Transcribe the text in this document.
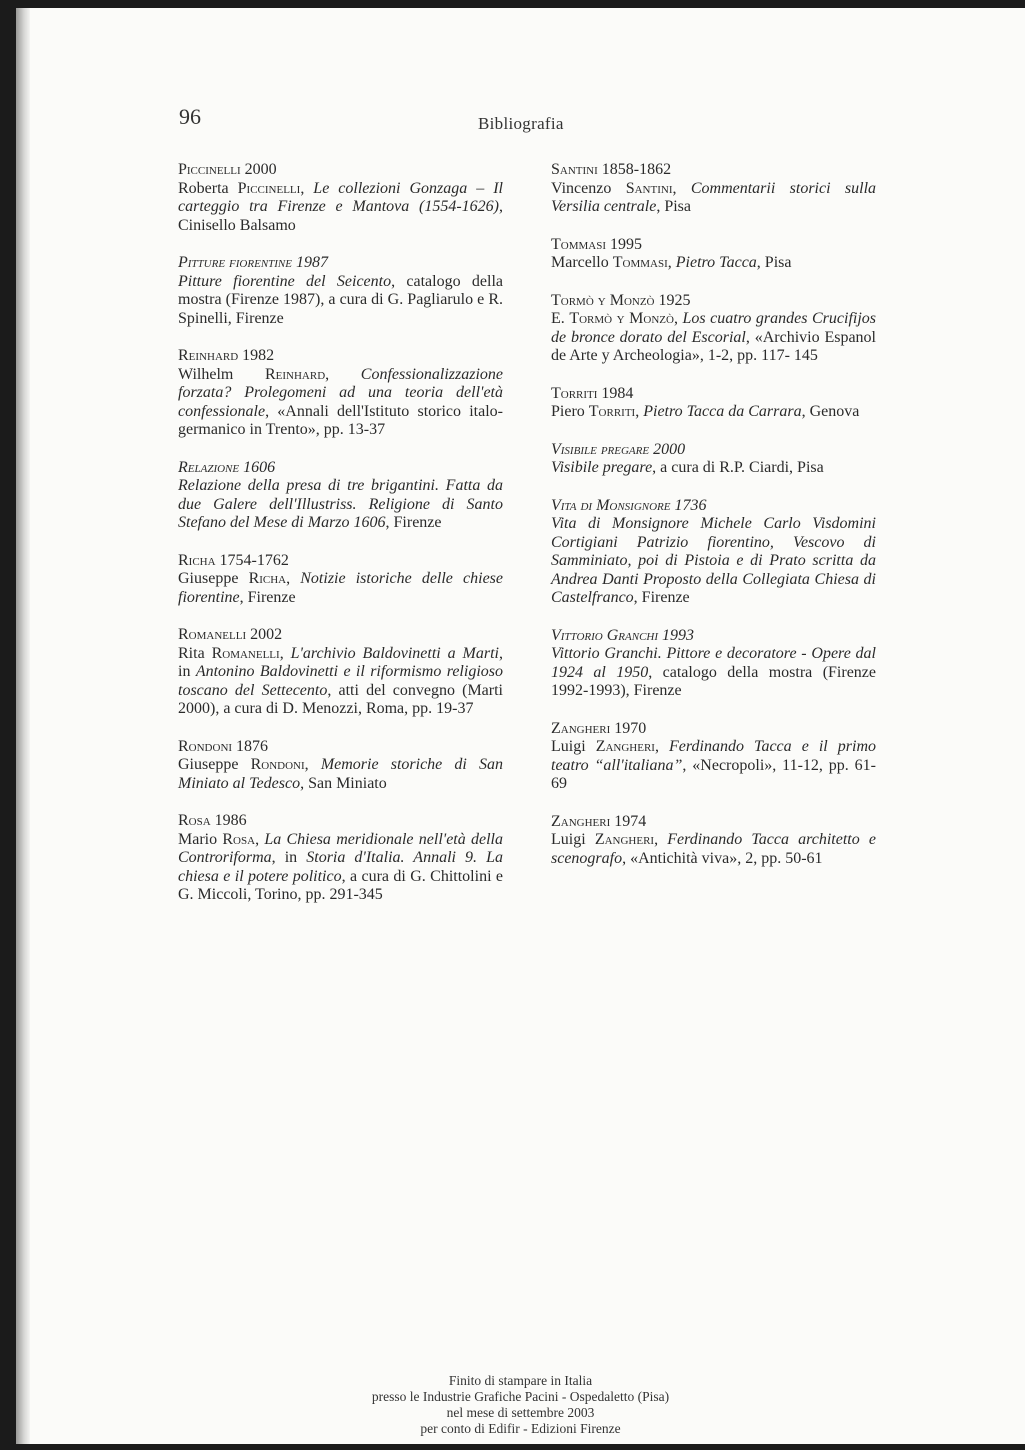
96	Bibliografia
Piccinelli 2000
Roberta Piccinelli, Le collezioni Gonzaga – Il carteggio tra Firenze e Mantova (1554-1626), Cinisello Balsamo
Pitture fiorentine 1987
Pitture fiorentine del Seicento, catalogo della mostra (Firenze 1987), a cura di G. Pagliarulo e R. Spinelli, Firenze
Reinhard 1982
Wilhelm Reinhard, Confessionalizzazione forzata? Prolegomeni ad una teoria dell'età confessionale, «Annali dell'Istituto storico italo-germanico in Trento», pp. 13-37
Relazione 1606
Relazione della presa di tre brigantini. Fatta da due Galere dell'Illustriss. Religione di Santo Stefano del Mese di Marzo 1606, Firenze
Richa 1754-1762
Giuseppe Richa, Notizie istoriche delle chiese fiorentine, Firenze
Romanelli 2002
Rita Romanelli, L'archivio Baldovinetti a Marti, in Antonino Baldovinetti e il riformismo religioso toscano del Settecento, atti del convegno (Marti 2000), a cura di D. Menozzi, Roma, pp. 19-37
Rondoni 1876
Giuseppe Rondoni, Memorie storiche di San Miniato al Tedesco, San Miniato
Rosa 1986
Mario Rosa, La Chiesa meridionale nell'età della Controriforma, in Storia d'Italia. Annali 9. La chiesa e il potere politico, a cura di G. Chittolini e G. Miccoli, Torino, pp. 291-345
Santini 1858-1862
Vincenzo Santini, Commentarii storici sulla Versilia centrale, Pisa
Tommasi 1995
Marcello Tommasi, Pietro Tacca, Pisa
Tormò y Monzò 1925
E. Tormò y Monzò, Los cuatro grandes Crucifijos de bronce dorato del Escorial, «Archivio Espanol de Arte y Archeologia», 1-2, pp. 117- 145
Torriti 1984
Piero Torriti, Pietro Tacca da Carrara, Genova
Visibile pregare 2000
Visibile pregare, a cura di R.P. Ciardi, Pisa
Vita di Monsignore 1736
Vita di Monsignore Michele Carlo Visdomini Cortigiani Patrizio fiorentino, Vescovo di Samminiato, poi di Pistoia e di Prato scritta da Andrea Danti Proposto della Collegiata Chiesa di Castelfranco, Firenze
Vittorio Granchi 1993
Vittorio Granchi. Pittore e decoratore - Opere dal 1924 al 1950, catalogo della mostra (Firenze 1992-1993), Firenze
Zangheri 1970
Luigi Zangheri, Ferdinando Tacca e il primo teatro “all'italiana”, «Necropoli», 11-12, pp. 61-69
Zangheri 1974
Luigi Zangheri, Ferdinando Tacca architetto e scenografo, «Antichità viva», 2, pp. 50-61
Finito di stampare in Italia
presso le Industrie Grafiche Pacini - Ospedaletto (Pisa)
nel mese di settembre 2003
per conto di Edifir - Edizioni Firenze
